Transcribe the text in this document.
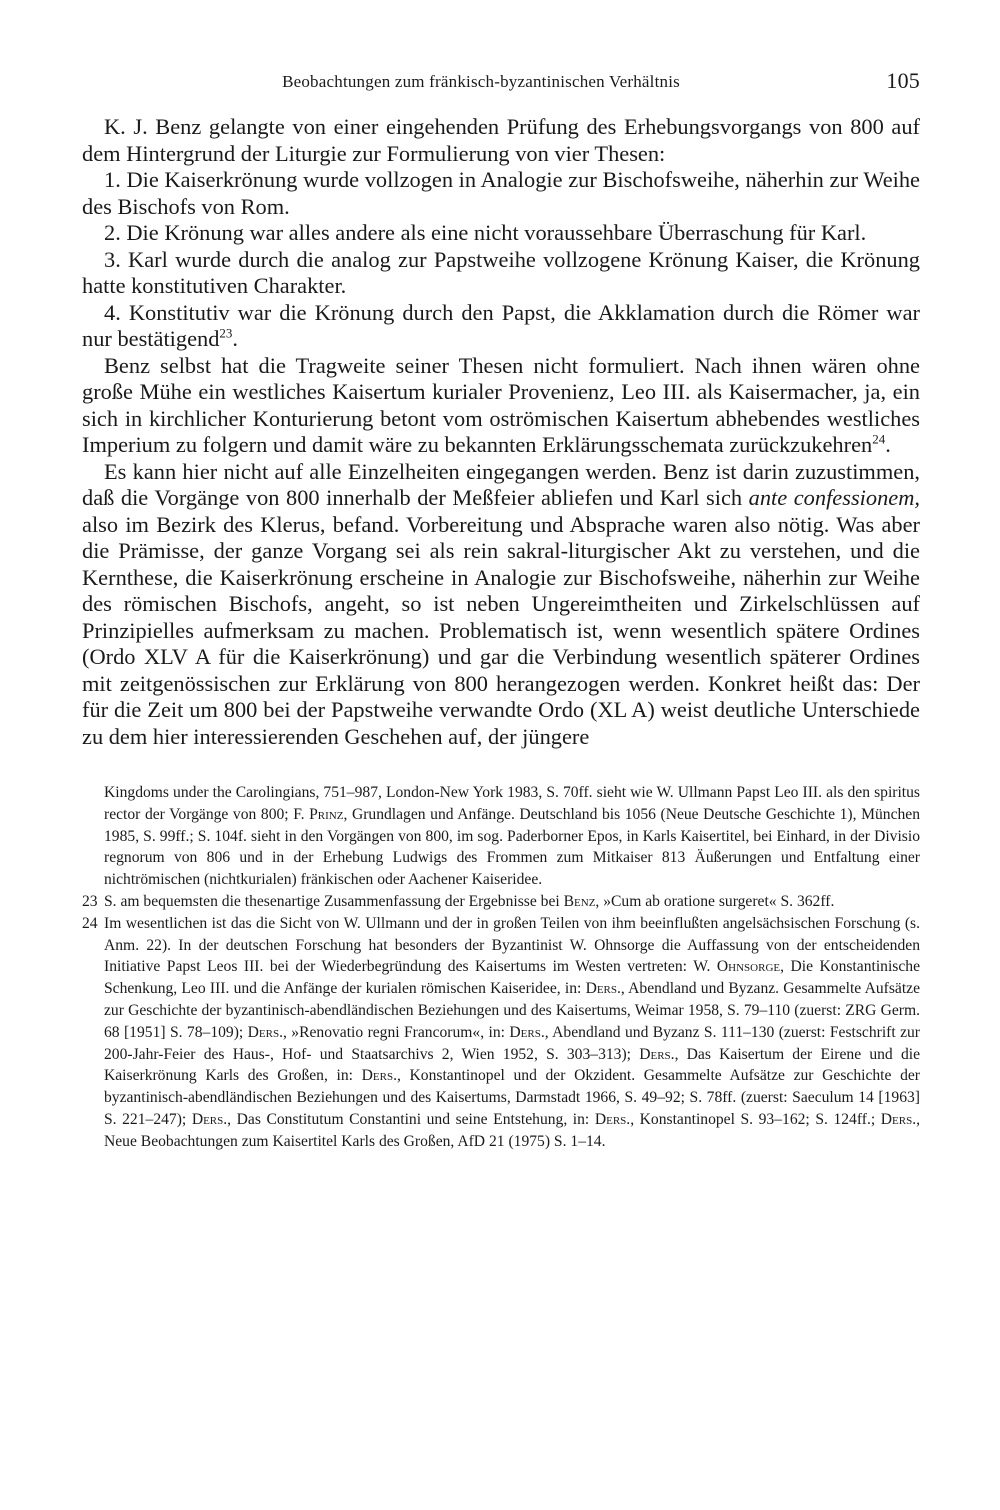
Beobachtungen zum fränkisch-byzantinischen Verhältnis	105

K. J. Benz gelangte von einer eingehenden Prüfung des Erhebungsvorgangs von 800 auf dem Hintergrund der Liturgie zur Formulierung von vier Thesen:

1. Die Kaiserkrönung wurde vollzogen in Analogie zur Bischofsweihe, näherhin zur Weihe des Bischofs von Rom.

2. Die Krönung war alles andere als eine nicht voraussehbare Überraschung für Karl.

3. Karl wurde durch die analog zur Papstweihe vollzogene Krönung Kaiser, die Krönung hatte konstitutiven Charakter.

4. Konstitutiv war die Krönung durch den Papst, die Akklamation durch die Römer war nur bestätigend$^{23}$.

Benz selbst hat die Tragweite seiner Thesen nicht formuliert. Nach ihnen wären ohne große Mühe ein westliches Kaisertum kurialer Provenienz, Leo III. als Kaisermacher, ja, ein sich in kirchlicher Konturierung betont vom oströmischen Kaisertum abhebendes westliches Imperium zu folgern und damit wäre zu bekannten Erklärungsschemata zurückzukehren$^{24}$.

Es kann hier nicht auf alle Einzelheiten eingegangen werden. Benz ist darin zuzustimmen, daß die Vorgänge von 800 innerhalb der Meßfeier abliefen und Karl sich ante confessionem, also im Bezirk des Klerus, befand. Vorbereitung und Absprache waren also nötig. Was aber die Prämisse, der ganze Vorgang sei als rein sakral-liturgischer Akt zu verstehen, und die Kernthese, die Kaiserkrönung erscheine in Analogie zur Bischofsweihe, näherhin zur Weihe des römischen Bischofs, angeht, so ist neben Ungereimtheiten und Zirkelschlüssen auf Prinzipielles aufmerksam zu machen. Problematisch ist, wenn wesentlich spätere Ordines (Ordo XLV A für die Kaiserkrönung) und gar die Verbindung wesentlich späterer Ordines mit zeitgenössischen zur Erklärung von 800 herangezogen werden. Konkret heißt das: Der für die Zeit um 800 bei der Papstweihe verwandte Ordo (XL A) weist deutliche Unterschiede zu dem hier interessierenden Geschehen auf, der jüngere

Kingdoms under the Carolingians, 751–987, London-New York 1983, S. 70ff. sieht wie W. Ullmann Papst Leo III. als den spiritus rector der Vorgänge von 800; F. Prinz, Grundlagen und Anfänge. Deutschland bis 1056 (Neue Deutsche Geschichte 1), München 1985, S. 99ff.; S. 104f. sieht in den Vorgängen von 800, im sog. Paderborner Epos, in Karls Kaisertitel, bei Einhard, in der Divisio regnorum von 806 und in der Erhebung Ludwigs des Frommen zum Mitkaiser 813 Äußerungen und Entfaltung einer nichtrömischen (nichtkurialen) fränkischen oder Aachener Kaiseridee.

23 S. am bequemsten die thesenartige Zusammenfassung der Ergebnisse bei Benz, »Cum ab oratione surgeret« S. 362ff.

24 Im wesentlichen ist das die Sicht von W. Ullmann und der in großen Teilen von ihm beeinflußten angelsächsischen Forschung (s. Anm. 22). In der deutschen Forschung hat besonders der Byzantinist W. Ohnsorge die Auffassung von der entscheidenden Initiative Papst Leos III. bei der Wiederbegründung des Kaisertums im Westen vertreten: W. Ohnsorge, Die Konstantinische Schenkung, Leo III. und die Anfänge der kurialen römischen Kaiseridee, in: Ders., Abendland und Byzanz. Gesammelte Aufsätze zur Geschichte der byzantinisch-abendländischen Beziehungen und des Kaisertums, Weimar 1958, S. 79–110 (zuerst: ZRG Germ. 68 [1951] S. 78–109); Ders., »Renovatio regni Francorum«, in: Ders., Abendland und Byzanz S. 111–130 (zuerst: Festschrift zur 200-Jahr-Feier des Haus-, Hof- und Staatsarchivs 2, Wien 1952, S. 303–313); Ders., Das Kaisertum der Eirene und die Kaiserkrönung Karls des Großen, in: Ders., Konstantinopel und der Okzident. Gesammelte Aufsätze zur Geschichte der byzantinisch-abendländischen Beziehungen und des Kaisertums, Darmstadt 1966, S. 49–92; S. 78ff. (zuerst: Saeculum 14 [1963] S. 221–247); Ders., Das Constitutum Constantini und seine Entstehung, in: Ders., Konstantinopel S. 93–162; S. 124ff.; Ders., Neue Beobachtungen zum Kaisertitel Karls des Großen, AfD 21 (1975) S. 1–14.
